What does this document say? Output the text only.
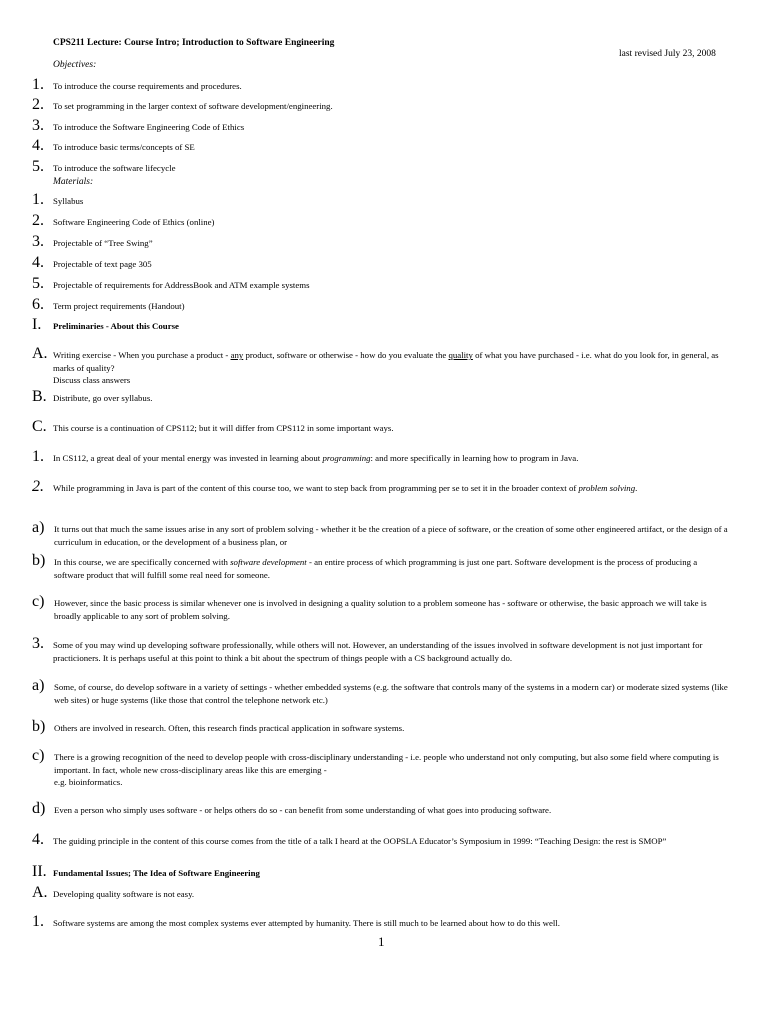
CPS211 Lecture: Course Intro; Introduction to Software Engineering
last revised July 23, 2008
Objectives:
1. To introduce the course requirements and procedures.
2. To set programming in the larger context of software development/engineering.
3. To introduce the Software Engineering Code of Ethics
4. To introduce basic terms/concepts of SE
5. To introduce the software lifecycle
Materials:
1. Syllabus
2. Software Engineering Code of Ethics (online)
3. Projectable of “Tree Swing”
4. Projectable of text page 305
5. Projectable of requirements for AddressBook and ATM example systems
6. Term project requirements (Handout)
I. Preliminaries - About this Course
A. Writing exercise - When you purchase a product - any product, software or otherwise - how do you evaluate the quality of what you have purchased - i.e. what do you look for, in general, as marks of quality?
Discuss class answers
B. Distribute, go over syllabus.
C. This course is a continuation of CPS112; but it will differ from CPS112 in some important ways.
1. In CS112, a great deal of your mental energy was invested in learning about programming: and more specifically in learning how to program in Java.
2. While programming in Java is part of the content of this course too, we want to step back from programming per se to set it in the broader context of problem solving.
a) It turns out that much the same issues arise in any sort of problem solving - whether it be the creation of a piece of software, or the creation of some other engineered artifact, or the design of a curriculum in education, or the development of a business plan, or
b) In this course, we are specifically concerned with software development - an entire process of which programming is just one part. Software development is the process of producing a software product that will fulfill some real need for someone.
c) However, since the basic process is similar whenever one is involved in designing a quality solution to a problem someone has - software or otherwise, the basic approach we will take is broadly applicable to any sort of problem solving.
3. Some of you may wind up developing software professionally, while others will not. However, an understanding of the issues involved in software development is not just important for practicioners. It is perhaps useful at this point to think a bit about the spectrum of things people with a CS background actually do.
a) Some, of course, do develop software in a variety of settings - whether embedded systems (e.g. the software that controls many of the systems in a modern car) or moderate sized systems (like web sites) or huge systems (like those that control the telephone network etc.)
b) Others are involved in research. Often, this research finds practical application in software systems.
c) There is a growing recognition of the need to develop people with cross-disciplinary understanding - i.e. people who understand not only computing, but also some field where computing is important. In fact, whole new cross-disciplinary areas like this are emerging -
e.g. bioinformatics.
d) Even a person who simply uses software - or helps others do so - can benefit from some understanding of what goes into producing software.
4. The guiding principle in the content of this course comes from the title of a talk I heard at the OOPSLA Educator’s Symposium in 1999: “Teaching Design: the rest is SMOP”
II. Fundamental Issues; The Idea of Software Engineering
A. Developing quality software is not easy.
1. Software systems are among the most complex systems ever attempted by humanity. There is still much to be learned about how to do this well.
1
